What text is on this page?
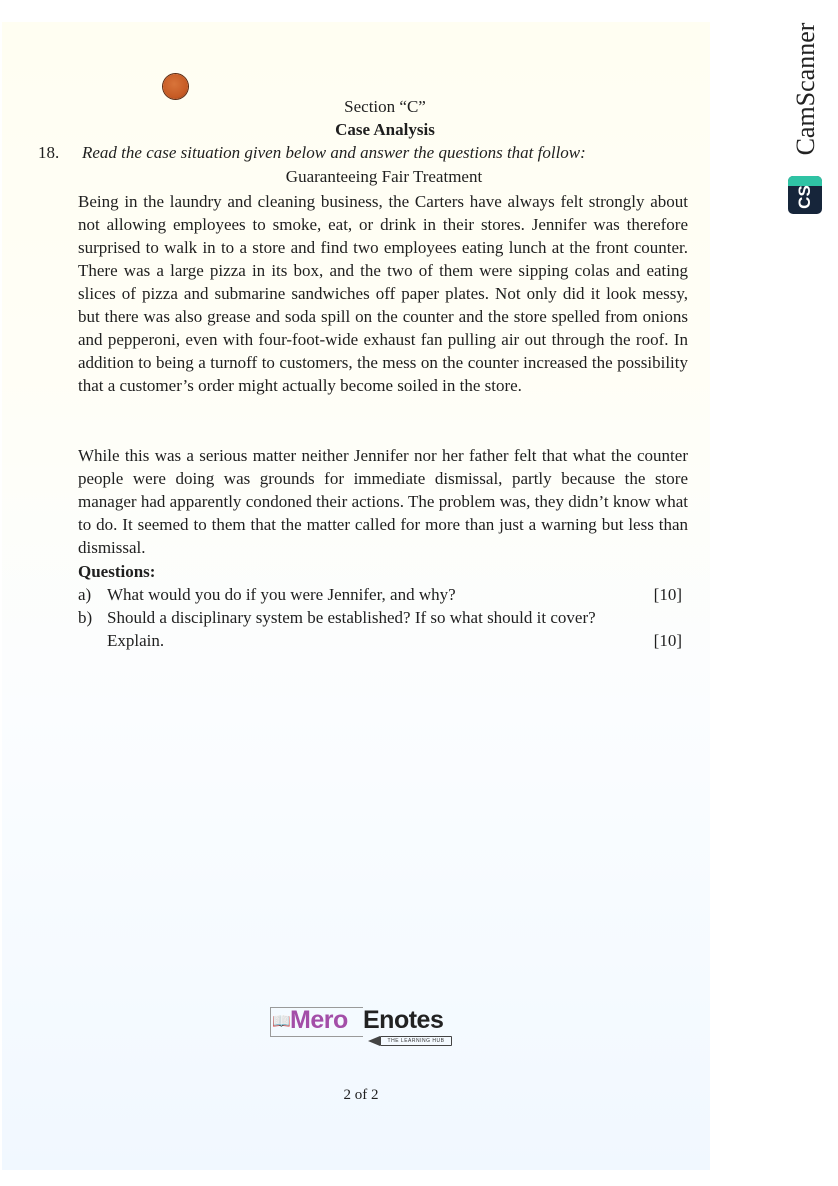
Section “C”
Case Analysis
18. Read the case situation given below and answer the questions that follow:
Guaranteeing Fair Treatment
Being in the laundry and cleaning business, the Carters have always felt strongly about not allowing employees to smoke, eat, or drink in their stores. Jennifer was therefore surprised to walk in to a store and find two employees eating lunch at the front counter. There was a large pizza in its box, and the two of them were sipping colas and eating slices of pizza and submarine sandwiches off paper plates. Not only did it look messy, but there was also grease and soda spill on the counter and the store spelled from onions and pepperoni, even with four-foot-wide exhaust fan pulling air out through the roof. In addition to being a turnoff to customers, the mess on the counter increased the possibility that a customer’s order might actually become soiled in the store.
While this was a serious matter neither Jennifer nor her father felt that what the counter people were doing was grounds for immediate dismissal, partly because the store manager had apparently condoned their actions. The problem was, they didn’t know what to do. It seemed to them that the matter called for more than just a warning but less than dismissal.
Questions:
a) What would you do if you were Jennifer, and why?	[10]
b) Should a disciplinary system be established? If so what should it cover?
Explain.	[10]
CamScanner
CS
📖 Mero Enotes
THE LEARNING HUB
2 of 2
